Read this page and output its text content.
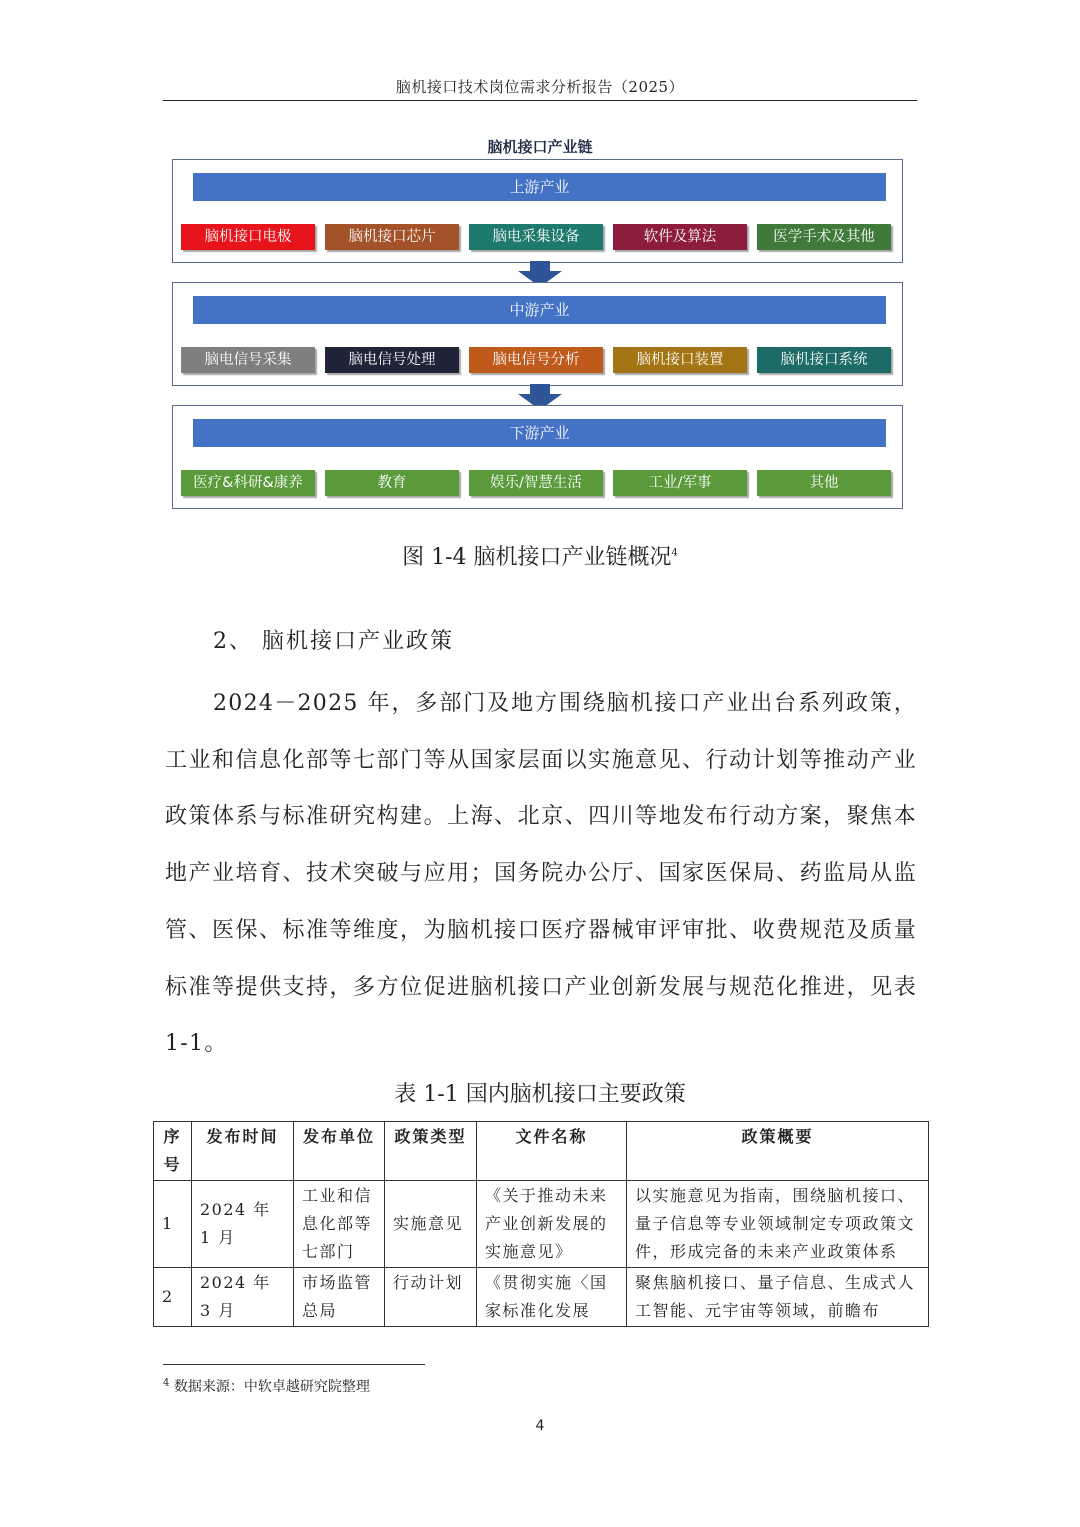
脑机接口技术岗位需求分析报告（2025）
脑机接口产业链
上游产业
脑机接口电极	脑机接口芯片	脑电采集设备	软件及算法	医学手术及其他
中游产业
脑电信号采集	脑电信号处理	脑电信号分析	脑机接口装置	脑机接口系统
下游产业
医疗&科研&康养	教育	娱乐/智慧生活	工业/军事	其他
图 1-4 脑机接口产业链概况$^4$
2、 脑机接口产业政策
2024－2025 年，多部门及地方围绕脑机接口产业出台系列政策，工业和信息化部等七部门等从国家层面以实施意见、行动计划等推动产业政策体系与标准研究构建。上海、北京、四川等地发布行动方案，聚焦本地产业培育、技术突破与应用；国务院办公厅、国家医保局、药监局从监管、医保、标准等维度，为脑机接口医疗器械审评审批、收费规范及质量标准等提供支持，多方位促进脑机接口产业创新发展与规范化推进，见表 1-1。
表 1-1 国内脑机接口主要政策
序号	发布时间	发布单位	政策类型	文件名称	政策概要
1	2024 年 1 月	工业和信息化部等七部门	实施意见	《关于推动未来产业创新发展的实施意见》	以实施意见为指南，围绕脑机接口、量子信息等专业领域制定专项政策文件，形成完备的未来产业政策体系
2	2024 年 3 月	市场监管总局	行动计划	《贯彻实施〈国家标准化发展	聚焦脑机接口、量子信息、生成式人工智能、元宇宙等领域，前瞻布
$^4$ 数据来源：中软卓越研究院整理
4
